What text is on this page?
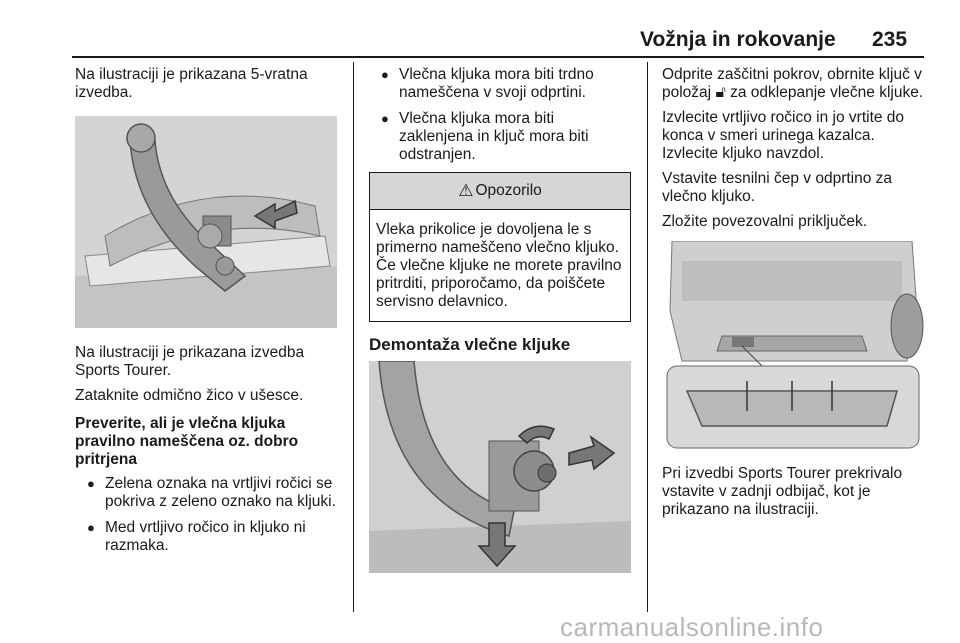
Vožnja in rokovanje 235

Na ilustraciji je prikazana 5-vratna izvedba.

Na ilustraciji je prikazana izvedba Sports Tourer.

Zataknite odmično žico v ušesce.

Preverite, ali je vlečna kljuka pravilno nameščena oz. dobro pritrjena

● Zelena oznaka na vrtljivi ročici se pokriva z zeleno oznako na kljuki.
● Med vrtljivo ročico in kljuko ni razmaka.
● Vlečna kljuka mora biti trdno nameščena v svoji odprtini.
● Vlečna kljuka mora biti zaklenjena in ključ mora biti odstranjen.
⚠ Opozorilo
Vleka prikolice je dovoljena le s primerno nameščeno vlečno kljuko. Če vlečne kljuke ne morete pravilno pritrditi, priporočamo, da poiščete servisno delavnico.

Demontaža vlečne kljuke

Odprite zaščitni pokrov, obrnite ključ v položaj 🔓︎ za odklepanje vlečne kljuke.

Izvlecite vrtljivo ročico in jo vrtite do konca v smeri urinega kazalca. Izvlecite kljuko navzdol.

Vstavite tesnilni čep v odprtino za vlečno kljuko.

Zložite povezovalni priključek.

Pri izvedbi Sports Tourer prekrivalo vstavite v zadnji odbijač, kot je prikazano na ilustraciji.

carmanualsonline.info
